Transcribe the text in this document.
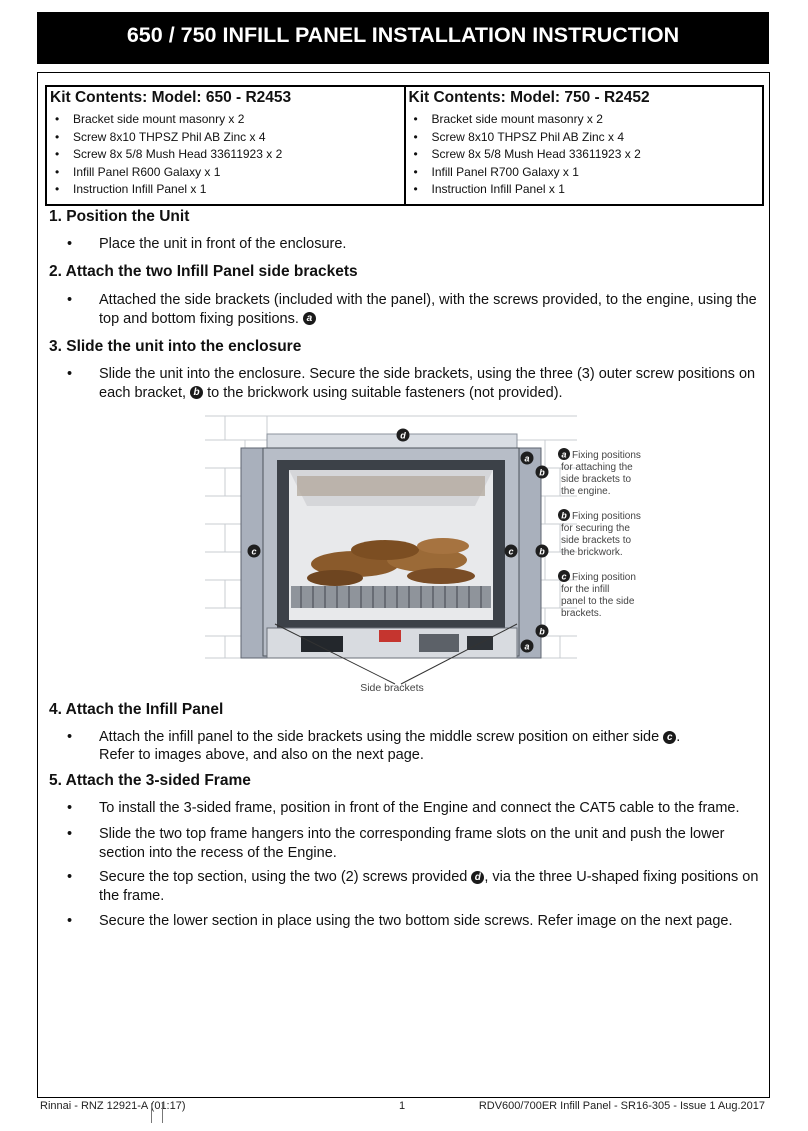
650 / 750 INFILL PANEL INSTALLATION INSTRUCTION
Kit Contents: Model: 650 - R2453
• Bracket side mount masonry x 2
• Screw 8x10 THPSZ Phil AB Zinc x 4
• Screw 8x 5/8 Mush Head 33611923 x 2
• Infill Panel R600 Galaxy x 1
• Instruction Infill Panel x 1
Kit Contents: Model: 750 - R2452
• Bracket side mount masonry x 2
• Screw 8x10 THPSZ Phil AB Zinc x 4
• Screw 8x 5/8 Mush Head 33611923 x 2
• Infill Panel R700 Galaxy x 1
• Instruction Infill Panel x 1
1. Position the Unit
• Place the unit in front of the enclosure.
2. Attach the two Infill Panel side brackets
• Attached the side brackets (included with the panel), with the screws provided, to the engine, using the top and bottom fixing positions. a
3. Slide the unit into the enclosure
• Slide the unit into the enclosure. Secure the side brackets, using the three (3) outer screw positions on each bracket, b to the brickwork using suitable fasteners (not provided).
d
a
b
c	c	b
b
a
a Fixing positions for attaching the side brackets to the engine.
b Fixing positions for securing the side brackets to the brickwork.
c Fixing position for the infill panel to the side brackets.
Side brackets
4. Attach the Infill Panel
• Attach the infill panel to the side brackets using the middle screw position on either side c .
Refer to images above, and also on the next page.
5. Attach the 3-sided Frame
• To install the 3-sided frame, position in front of the Engine and connect the CAT5 cable to the frame.
• Slide the two top frame hangers into the corresponding frame slots on the unit and push the lower section into the recess of the Engine.
• Secure the top section, using the two (2) screws provided d , via the three U-shaped fixing positions on the frame.
• Secure the lower section in place using the two bottom side screws. Refer image on the next page.
Rinnai - RNZ 12921-A (01:17)	1	RDV600/700ER Infill Panel - SR16-305 - Issue 1 Aug.2017
